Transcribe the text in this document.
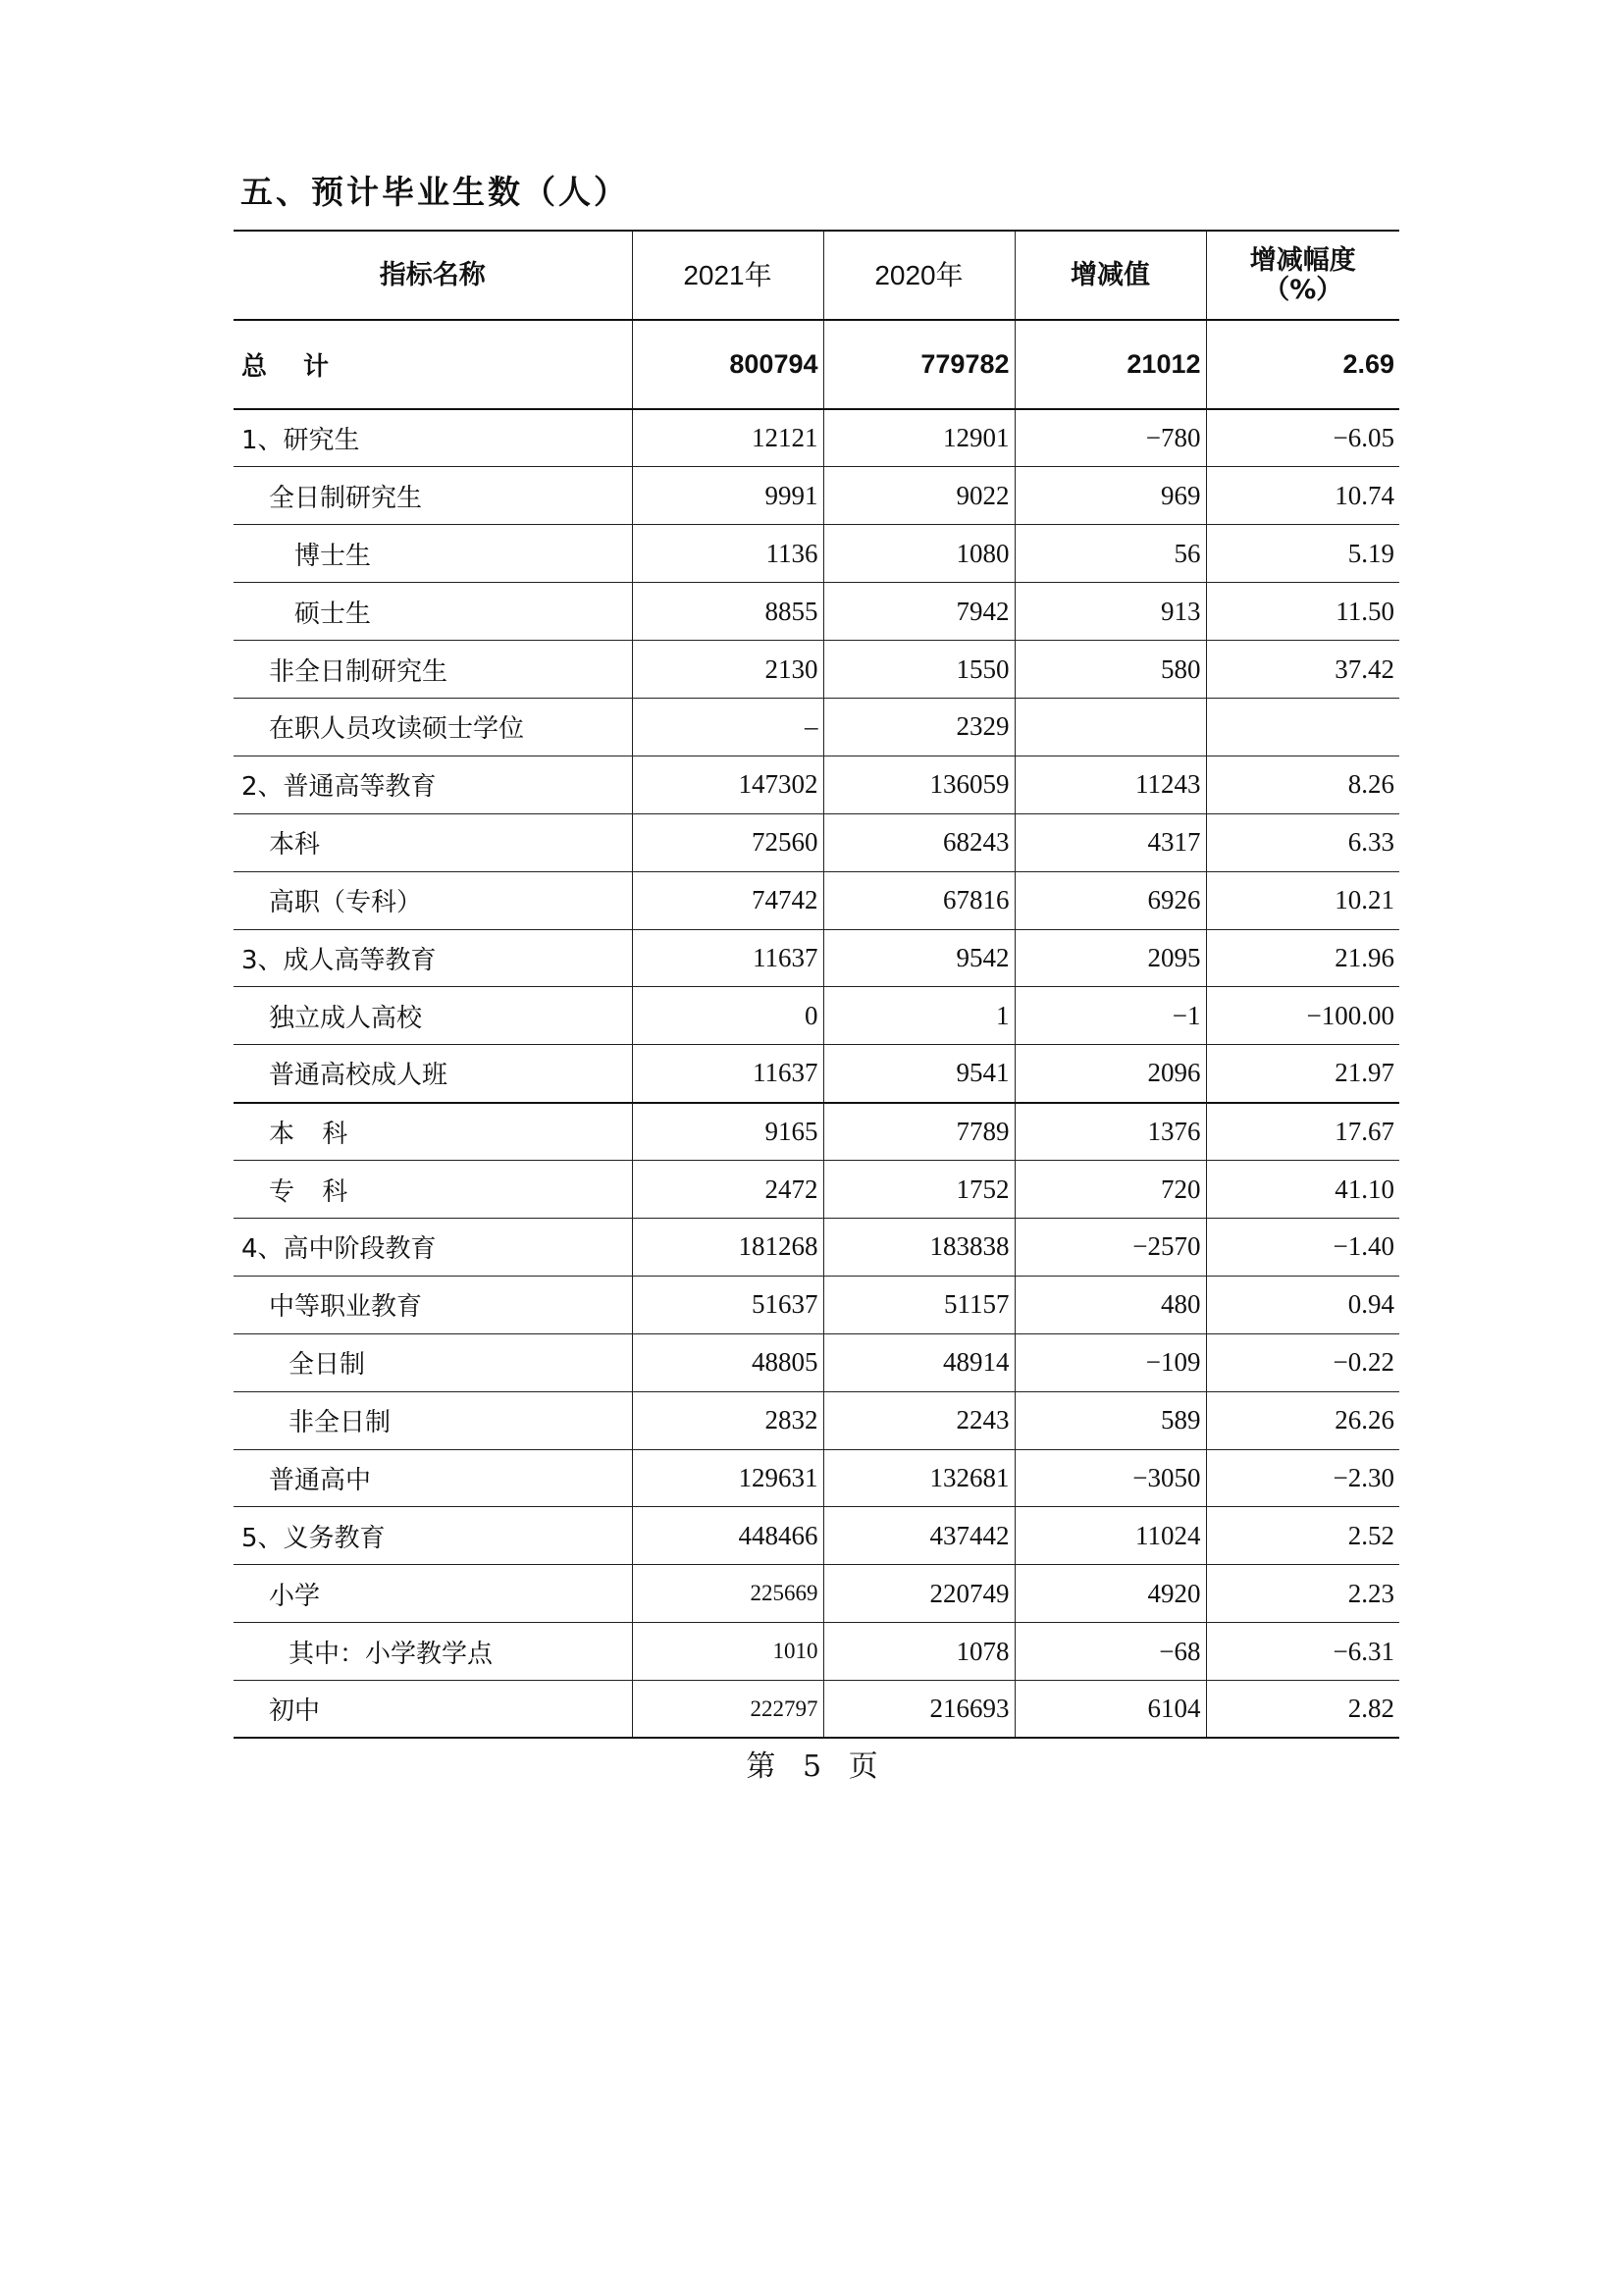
五、预计毕业生数（人）
指标名称	2021年	2020年	增减值	增减幅度
（%）

总 计	800794	779782	21012	2.69
1、研究生	12121	12901	−780	−6.05
全日制研究生	9991	9022	969	10.74
博士生	1136	1080	56	5.19
硕士生	8855	7942	913	11.50
非全日制研究生	2130	1550	580	37.42
在职人员攻读硕士学位	–	2329		
2、普通高等教育	147302	136059	11243	8.26
本科	72560	68243	4317	6.33
高职（专科）	74742	67816	6926	10.21
3、成人高等教育	11637	9542	2095	21.96
独立成人高校	0	1	−1	−100.00
普通高校成人班	11637	9541	2096	21.97
本 科	9165	7789	1376	17.67
专 科	2472	1752	720	41.10
4、高中阶段教育	181268	183838	−2570	−1.40
中等职业教育	51637	51157	480	0.94
全日制	48805	48914	−109	−0.22
非全日制	2832	2243	589	26.26
普通高中	129631	132681	−3050	−2.30
5、义务教育	448466	437442	11024	2.52
小学	225669	220749	4920	2.23
其中：小学教学点	1010	1078	−68	−6.31
初中	222797	216693	6104	2.82
第 5 页
